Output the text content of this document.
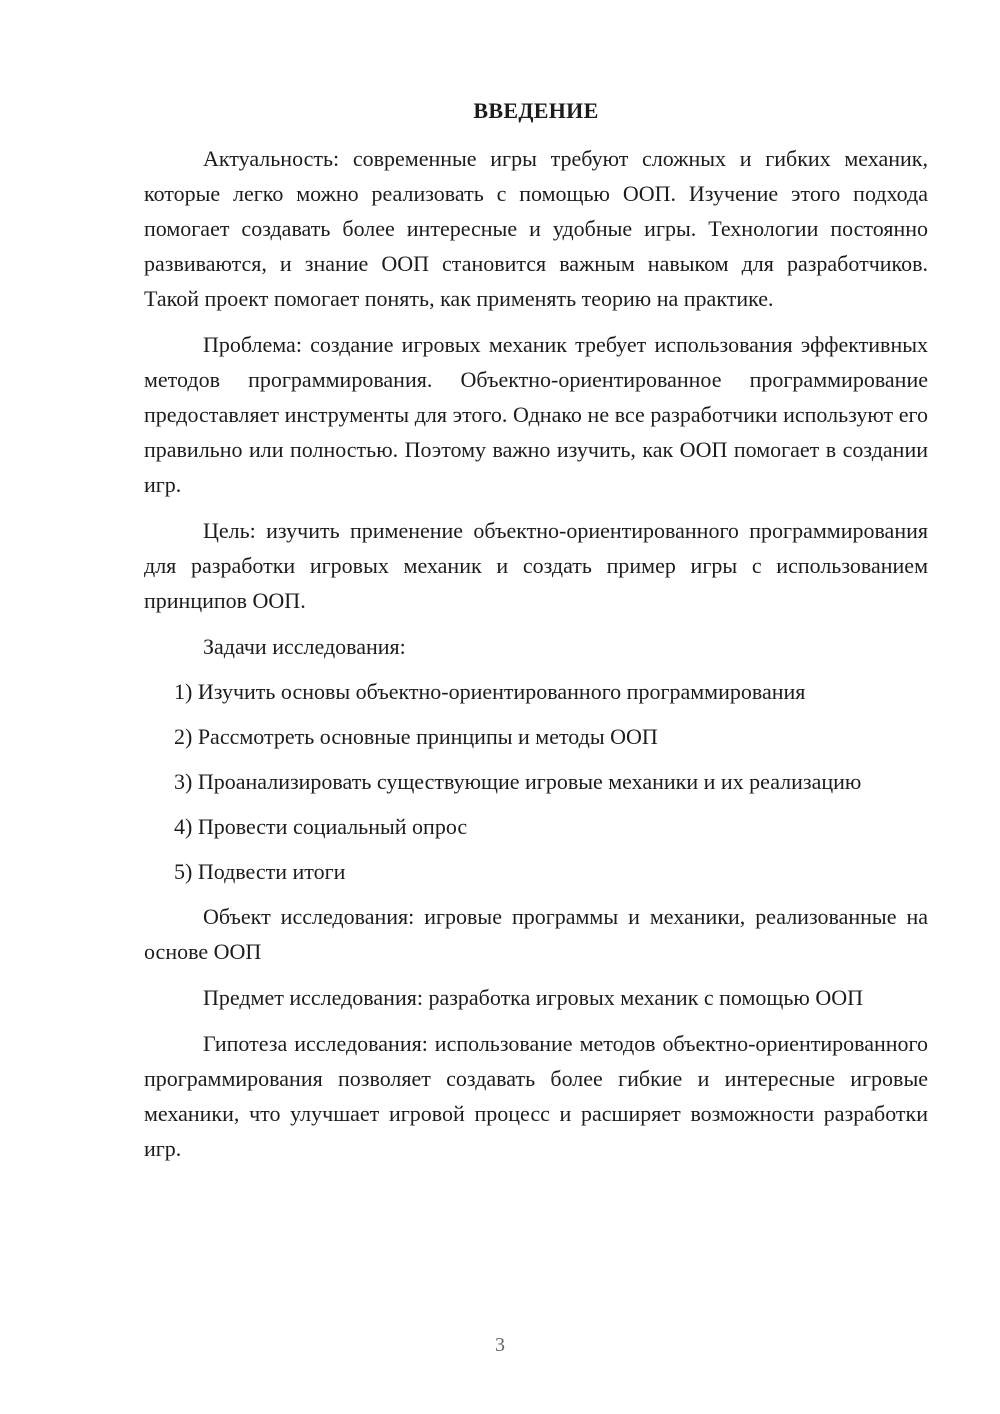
ВВЕДЕНИЕ

Актуальность: современные игры требуют сложных и гибких механик, которые легко можно реализовать с помощью ООП. Изучение этого подхода помогает создавать более интересные и удобные игры. Технологии постоянно развиваются, и знание ООП становится важным навыком для разработчиков. Такой проект помогает понять, как применять теорию на практике.

Проблема: создание игровых механик требует использования эффективных методов программирования. Объектно-ориентированное программирование предоставляет инструменты для этого. Однако не все разработчики используют его правильно или полностью. Поэтому важно изучить, как ООП помогает в создании игр.

Цель: изучить применение объектно-ориентированного программирования для разработки игровых механик и создать пример игры с использованием принципов ООП.

Задачи исследования:

1) Изучить основы объектно-ориентированного программирования

2) Рассмотреть основные принципы и методы ООП

3) Проанализировать существующие игровые механики и их реализацию

4) Провести социальный опрос

5) Подвести итоги

Объект исследования: игровые программы и механики, реализованные на основе ООП

Предмет исследования: разработка игровых механик с помощью ООП

Гипотеза исследования: использование методов объектно-ориентированного программирования позволяет создавать более гибкие и интересные игровые механики, что улучшает игровой процесс и расширяет возможности разработки игр.

3
